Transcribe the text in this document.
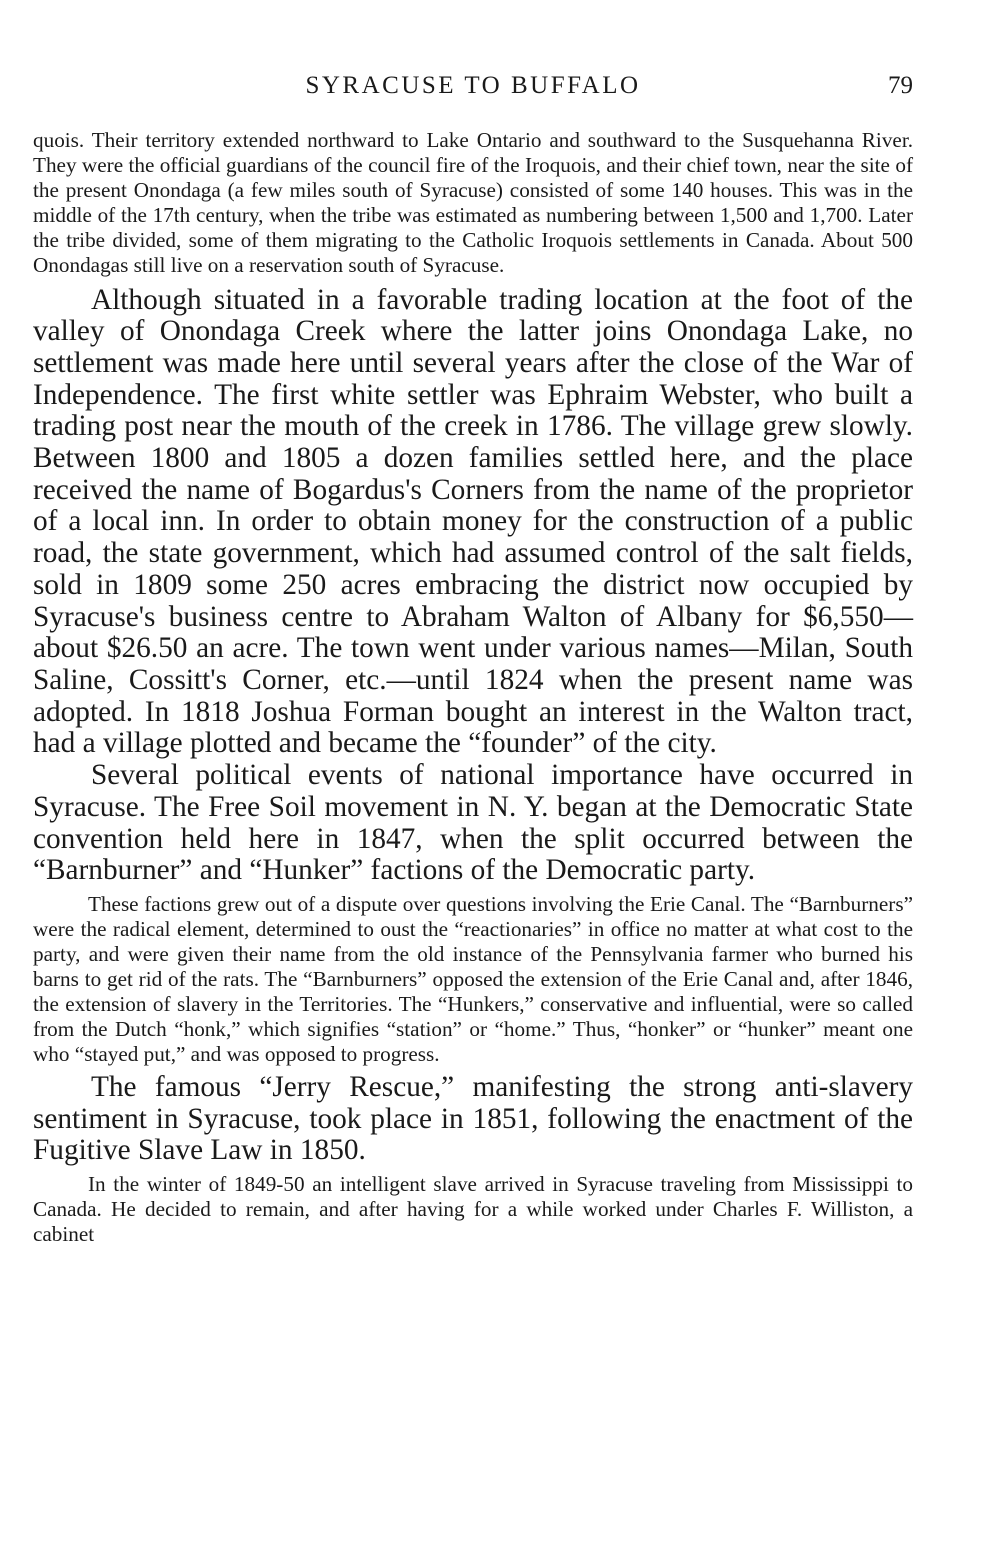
SYRACUSE TO BUFFALO	79

quois. Their territory extended northward to Lake Ontario and southward to the Susquehanna River. They were the official guardians of the council fire of the Iroquois, and their chief town, near the site of the present Onondaga (a few miles south of Syracuse) consisted of some 140 houses. This was in the middle of the 17th century, when the tribe was estimated as numbering between 1,500 and 1,700. Later the tribe divided, some of them migrating to the Catholic Iroquois settlements in Canada. About 500 Onondagas still live on a reservation south of Syracuse.

Although situated in a favorable trading location at the foot of the valley of Onondaga Creek where the latter joins Onondaga Lake, no settlement was made here until several years after the close of the War of Independence. The first white settler was Ephraim Webster, who built a trading post near the mouth of the creek in 1786. The village grew slowly. Between 1800 and 1805 a dozen families settled here, and the place received the name of Bogardus's Corners from the name of the proprietor of a local inn. In order to obtain money for the construction of a public road, the state government, which had assumed control of the salt fields, sold in 1809 some 250 acres embracing the district now occupied by Syracuse's business centre to Abraham Walton of Albany for $6,550—about $26.50 an acre. The town went under various names—Milan, South Saline, Cossitt's Corner, etc.—until 1824 when the present name was adopted. In 1818 Joshua Forman bought an interest in the Walton tract, had a village plotted and became the “founder” of the city.

Several political events of national importance have occurred in Syracuse. The Free Soil movement in N. Y. began at the Democratic State convention held here in 1847, when the split occurred between the “Barnburner” and “Hunker” factions of the Democratic party.

These factions grew out of a dispute over questions involving the Erie Canal. The “Barnburners” were the radical element, determined to oust the “reactionaries” in office no matter at what cost to the party, and were given their name from the old instance of the Pennsylvania farmer who burned his barns to get rid of the rats. The “Barnburners” opposed the extension of the Erie Canal and, after 1846, the extension of slavery in the Territories. The “Hunkers,” conservative and influential, were so called from the Dutch “honk,” which signifies “station” or “home.” Thus, “honker” or “hunker” meant one who “stayed put,” and was opposed to progress.

The famous “Jerry Rescue,” manifesting the strong anti-slavery sentiment in Syracuse, took place in 1851, following the enactment of the Fugitive Slave Law in 1850.

In the winter of 1849-50 an intelligent slave arrived in Syracuse traveling from Mississippi to Canada. He decided to remain, and after having for a while worked under Charles F. Williston, a cabinet
